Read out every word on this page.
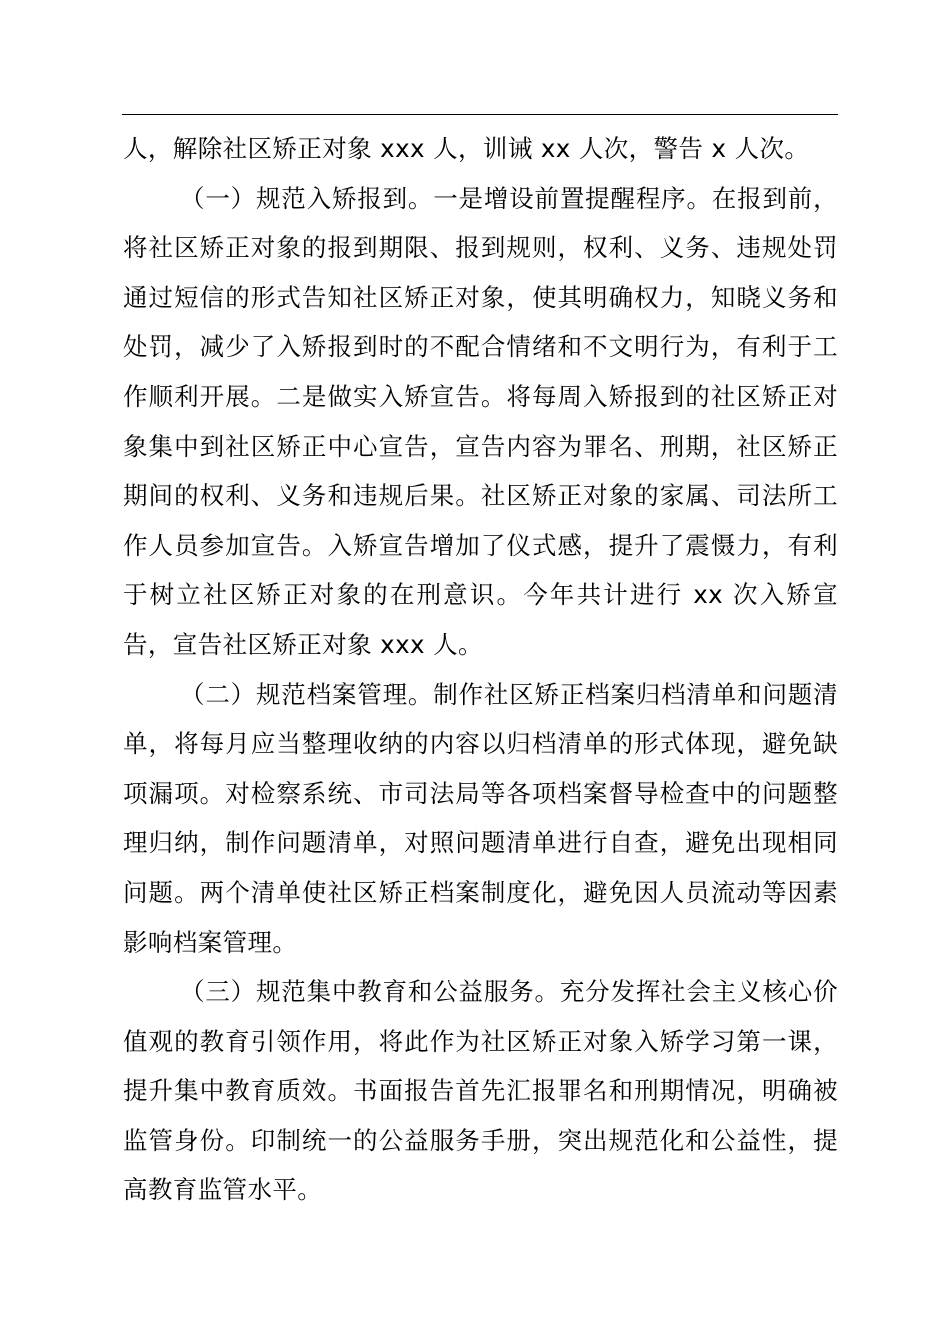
人，解除社区矫正对象 xxx 人，训诫 xx 人次，警告 x 人次。

（一）规范入矫报到。一是增设前置提醒程序。在报到前，将社区矫正对象的报到期限、报到规则，权利、义务、违规处罚通过短信的形式告知社区矫正对象，使其明确权力，知晓义务和处罚，减少了入矫报到时的不配合情绪和不文明行为，有利于工作顺利开展。二是做实入矫宣告。将每周入矫报到的社区矫正对象集中到社区矫正中心宣告，宣告内容为罪名、刑期，社区矫正期间的权利、义务和违规后果。社区矫正对象的家属、司法所工作人员参加宣告。入矫宣告增加了仪式感，提升了震慑力，有利于树立社区矫正对象的在刑意识。今年共计进行 xx 次入矫宣告，宣告社区矫正对象 xxx 人。

（二）规范档案管理。制作社区矫正档案归档清单和问题清单，将每月应当整理收纳的内容以归档清单的形式体现，避免缺项漏项。对检察系统、市司法局等各项档案督导检查中的问题整理归纳，制作问题清单，对照问题清单进行自查，避免出现相同问题。两个清单使社区矫正档案制度化，避免因人员流动等因素影响档案管理。

（三）规范集中教育和公益服务。充分发挥社会主义核心价值观的教育引领作用，将此作为社区矫正对象入矫学习第一课，提升集中教育质效。书面报告首先汇报罪名和刑期情况，明确被监管身份。印制统一的公益服务手册，突出规范化和公益性，提高教育监管水平。
